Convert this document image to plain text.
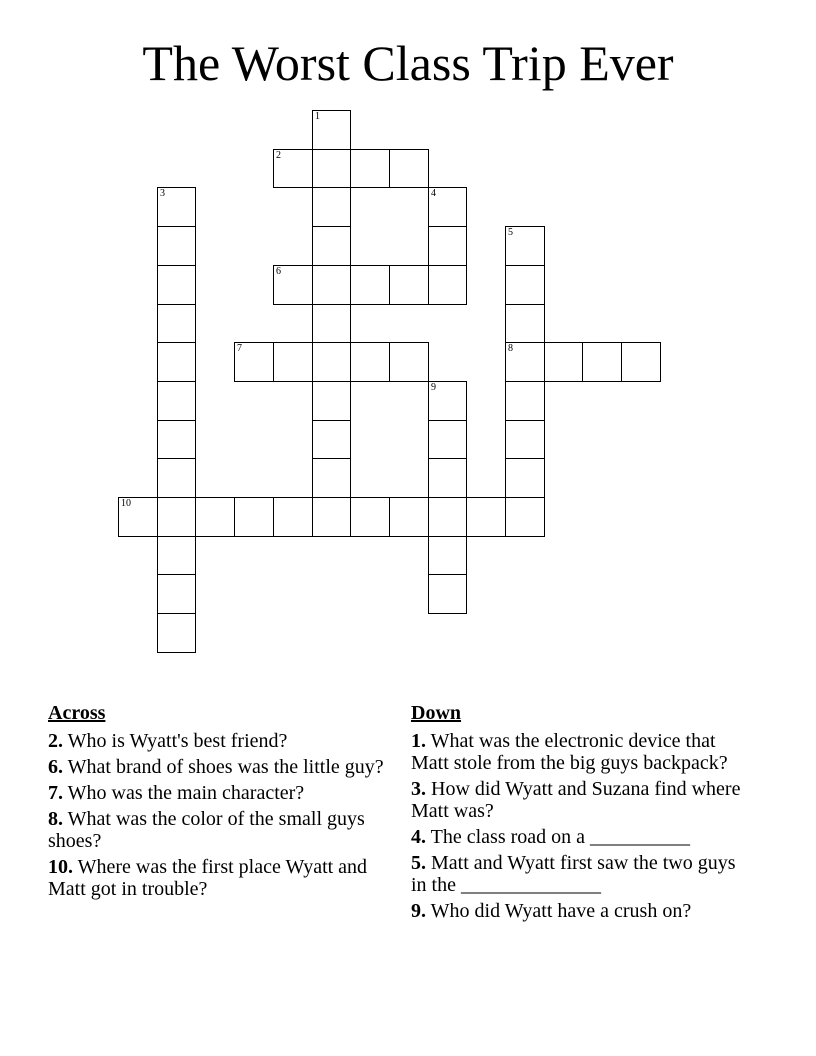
The Worst Class Trip Ever
1
2
3	4
5
8
6
7
9
10
Across
2. Who is Wyatt's best friend?
6. What brand of shoes was the little guy?
7. Who was the main character?
8. What was the color of the small guys shoes?
10. Where was the first place Wyatt and Matt got in trouble?
Down
1. What was the electronic device that Matt stole from the big guys backpack?
3. How did Wyatt and Suzana find where Matt was?
4. The class road on a __________
5. Matt and Wyatt first saw the two guys in the ______________
9. Who did Wyatt have a crush on?
